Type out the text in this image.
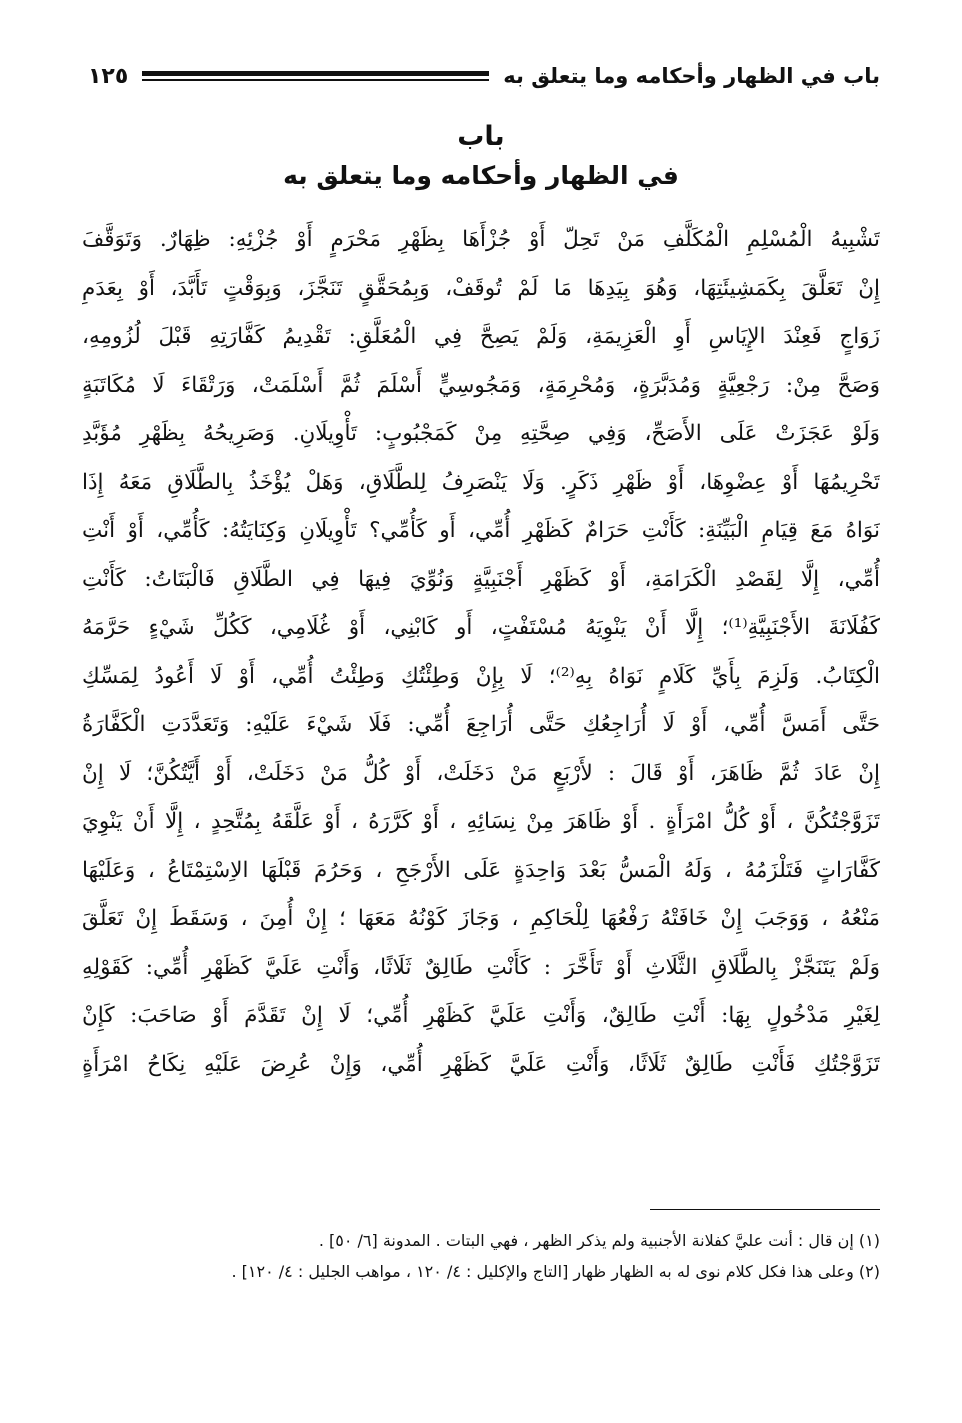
باب في الظهار وأحكامه وما يتعلق به
١٢٥
باب
في الظهار وأحكامه وما يتعلق به
تَشْبِيهُ الْمُسْلِمِ الْمُكَلَّفِ مَنْ تَحِلّ أَوْ جُزْأَهَا بِظَهْرِ مَحْرَمٍ أَوْ جُزْئِهِ: ظِهَارٌ. وَتَوَقَّفَ
إِنْ تَعَلَّقَ بِكَمَشِيئَتِهَا، وَهُوَ بِيَدِهَا مَا لَمْ تُوقَفْ، وَبِمُحَقَّقٍ تَنَجَّزَ، وَبِوَقْتٍ تَأَبَّدَ، أَوْ بِعَدَمِ
زَوَاجٍ فَعِنْدَ الإِيَاسِ أَوِ الْعَزِيمَةِ، وَلَمْ يَصِحَّ فِي الْمُعَلَّقِ: تَقْدِيمُ كَفَّارَتِهِ قَبْلَ لُزُومِهِ،
وَصَحَّ مِنْ: رَجْعِيَّةٍ وَمُدَبَّرَةٍ، وَمُحْرِمَةٍ، وَمَجُوسِيٍّ أَسْلَمَ ثُمَّ أَسْلَمَتْ، وَرَتْقَاءَ لَا مُكَاتَبَةٍ
وَلَوْ عَجَزَتْ عَلَى الأَصَحِّ، وَفِي صِحَّتِهِ مِنْ كَمَجْبُوبٍ: تَأْوِيلَانِ. وَصَرِيحُهُ بِظَهْرِ مُؤَبَّدِ
تَحْرِيمُهَا أَوْ عِضْوِهَا، أَوْ ظَهْرِ ذَكَرٍ. وَلَا يَنْصَرِفُ لِلطَّلَاقِ، وَهَلْ يُؤْخَذُ بِالطَّلَاقِ مَعَهُ إِذَا
نَوَاهُ مَعَ قِيَامِ الْبَيِّنَةِ: كَأَنْتِ حَرَامٌ كَظَهْرِ أُمِّي، أَو كَأُمِّي؟ تَأْوِيلَانِ وَكِنَايَتُهُ: كَأُمِّي، أَوْ أَنْتِ
أُمِّي، إِلَّا لِقَصْدِ الْكَرَامَةِ، أَوْ كَظَهْرِ أَجْنَبِيَّةٍ وَنُوِّيَ فِيهَا فِي الطَّلَاقِ فَالْبَتَاتُ: كَأَنْتِ
كَفُلَانَةَ الأَجْنَبِيَّةِ⁽¹⁾؛ إِلَّا أَنْ يَنْوِيَهُ مُسْتَفْتٍ، أَو كَابْنِي، أَوْ غُلَامِي، كَكُلِّ شَيْءٍ حَرَّمَهُ
الْكِتَابُ. وَلَزِمَ بِأَيِّ كَلَامٍ نَوَاهُ بِهِ⁽²⁾؛ لَا بِإِنْ وَطِئْتُكِ وَطِئْتُ أُمِّي، أَوْ لَا أَعُودُ لِمَسِّكِ
حَتَّى أَمَسَّ أُمِّي، أَوْ لَا أُرَاجِعُكِ حَتَّى أُرَاجِعَ أُمِّي: فَلَا شَيْءَ عَلَيْهِ: وَتَعَدَّدَتِ الْكَفَّارَةُ
إِنْ عَادَ ثُمَّ ظَاهَرَ، أَوْ قَالَ : لأَرْبَعٍ مَنْ دَخَلَتْ، أَوْ كُلُّ مَنْ دَخَلَتْ، أَوْ أَيَّتُكُنَّ؛ لَا إِنْ
تَزَوَّجْتُكُنَّ ، أَوْ كُلُّ امْرَأَةٍ . أَوْ ظَاهَرَ مِنْ نِسَائِهِ ، أَوْ كَرَّرَهُ ، أَوْ عَلَّقَهُ بِمُتَّحِدٍ ، إِلَّا أَنْ يَنْوِيَ
كَفَّارَاتٍ فَتَلْزَمُهُ ، وَلَهُ الْمَسُّ بَعْدَ وَاحِدَةٍ عَلَى الأَرْجَحِ ، وَحَرُمَ قَبْلَهَا الاِسْتِمْتَاعُ ، وَعَلَيْهَا
مَنْعُهُ ، وَوَجَبَ إِنْ خَافَتْهُ رَفْعُهَا لِلْحَاكِمِ ، وَجَازَ كَوْنُهُ مَعَهَا ؛ إِنْ أُمِنَ ، وَسَقَطَ إِنْ تَعَلَّقَ
وَلَمْ يَتَنَجَّزْ بِالطَّلَاقِ الثَّلَاثِ أَوْ تَأَخَّرَ : كَأَنْتِ طَالِقٌ ثَلَاثًا، وَأَنْتِ عَلَيَّ كَظَهْرِ أُمِّي: كَقَوْلِهِ
لِغَيْرِ مَدْخُولٍ بِهَا: أَنْتِ طَالِقٌ، وَأَنْتِ عَلَيَّ كَظَهْرِ أُمِّي؛ لَا إِنْ تَقَدَّمَ أَوْ صَاحَبَ: كَإِنْ
تَزَوَّجْتُكِ فَأَنْتِ طَالِقٌ ثَلَاثًا، وَأَنْتِ عَلَيَّ كَظَهْرِ أُمِّي، وَإِنْ عُرِضَ عَلَيْهِ نِكَاحُ امْرَأَةٍ
(١) إن قال : أنت عليَّ كفلانة الأجنبية ولم يذكر الظهر ، فهي البتات . المدونة [٦/ ٥٠] .
(٢) وعلى هذا فكل كلام نوى له به الظهار ظهار [التاج والإكليل : ٤/ ١٢٠ ، مواهب الجليل : ٤/ ١٢٠] .
